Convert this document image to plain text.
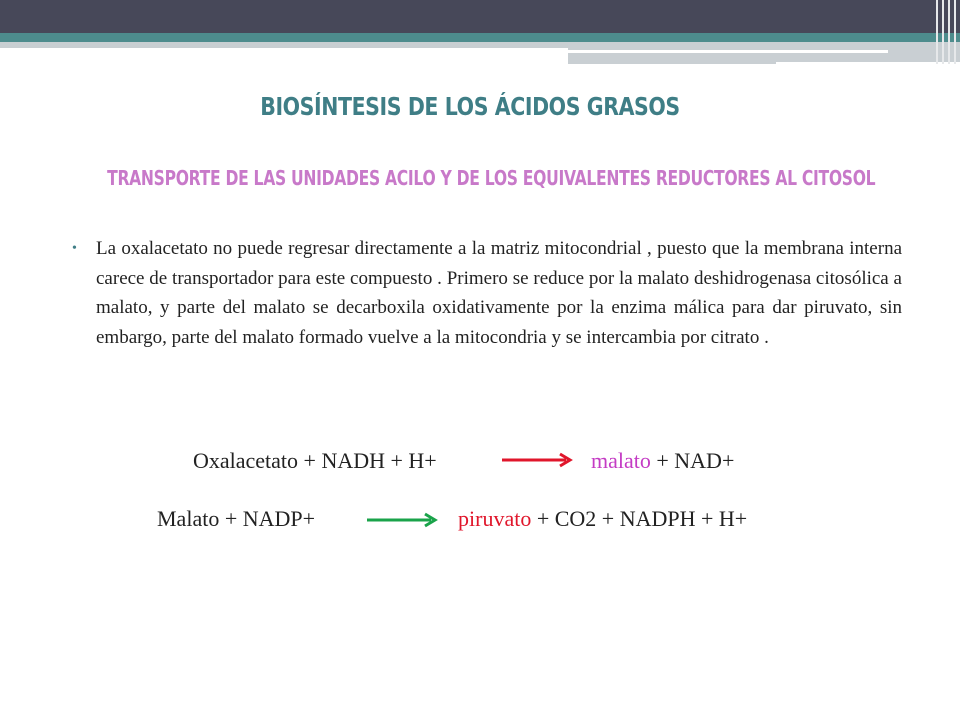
BIOSÍNTESIS DE LOS ÁCIDOS GRASOS
TRANSPORTE DE LAS UNIDADES ACILO Y DE LOS EQUIVALENTES REDUCTORES AL CITOSOL
• La oxalacetato no puede regresar directamente a la matriz mitocondrial , puesto que la membrana interna carece de transportador para este compuesto . Primero se reduce por la malato deshidrogenasa citosólica a malato, y parte del malato se decarboxila oxidativamente por la enzima málica para dar piruvato, sin embargo, parte del malato formado vuelve a la mitocondria y se intercambia por citrato .
Oxalacetato + NADH + H+	malato + NAD+
Malato + NADP+	piruvato + CO2 + NADPH + H+
